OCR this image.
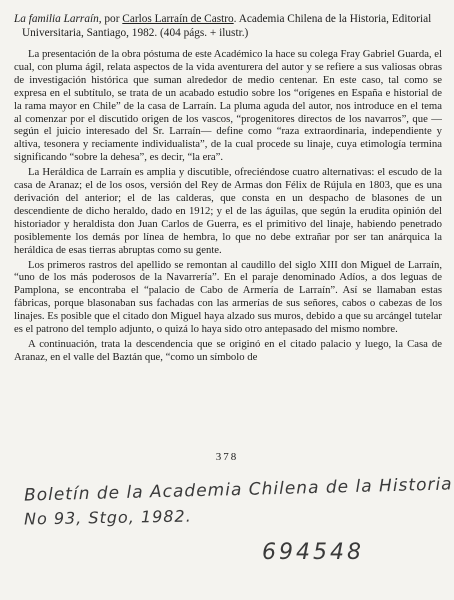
La familia Larraín, por Carlos Larraín de Castro. Academia Chilena de la Historia, Editorial Universitaria, Santiago, 1982. (404 págs. + ilustr.)

La presentación de la obra póstuma de este Académico la hace su colega Fray Gabriel Guarda, el cual, con pluma ágil, relata aspectos de la vida aventurera del autor y se refiere a sus valiosas obras de investigación histórica que suman alrededor de medio centenar. En este caso, tal como se expresa en el subtítulo, se trata de un acabado estudio sobre los “orígenes en España e historial de la rama mayor en Chile” de la casa de Larraín. La pluma aguda del autor, nos introduce en el tema al comenzar por el discutido origen de los vascos, “progenitores directos de los navarros”, que —según el juicio interesado del Sr. Larraín— define como “raza extraordinaria, independiente y altiva, tesonera y reciamente individualista”, de la cual procede su linaje, cuya etimología termina significando “sobre la dehesa”, es decir, “la era”.

La Heráldica de Larraín es amplia y discutible, ofreciéndose cuatro alternativas: el escudo de la casa de Aranaz; el de los osos, versión del Rey de Armas don Félix de Rújula en 1803, que es una derivación del anterior; el de las calderas, que consta en un despacho de blasones de un descendiente de dicho heraldo, dado en 1912; y el de las águilas, que según la erudita opinión del historiador y heraldista don Juan Carlos de Guerra, es el primitivo del linaje, habiendo penetrado posiblemente los demás por línea de hembra, lo que no debe extrañar por ser tan anárquica la heráldica de esas tierras abruptas como su gente.

Los primeros rastros del apellido se remontan al caudillo del siglo XIII don Miguel de Larraín, “uno de los más poderosos de la Navarrería”. En el paraje denominado Adíos, a dos leguas de Pamplona, se encontraba el “palacio de Cabo de Armería de Larraín”. Así se llamaban estas fábricas, porque blasonaban sus fachadas con las armerías de sus señores, cabos o cabezas de los linajes. Es posible que el citado don Miguel haya alzado sus muros, debido a que su arcángel tutelar es el patrono del templo adjunto, o quizá lo haya sido otro antepasado del mismo nombre.

A continuación, trata la descendencia que se originó en el citado palacio y luego, la Casa de Aranaz, en el valle del Baztán que, “como un símbolo de

378
Boletín de la Academia Chilena de la Historia
No 93, Stgo, 1982.
694548
